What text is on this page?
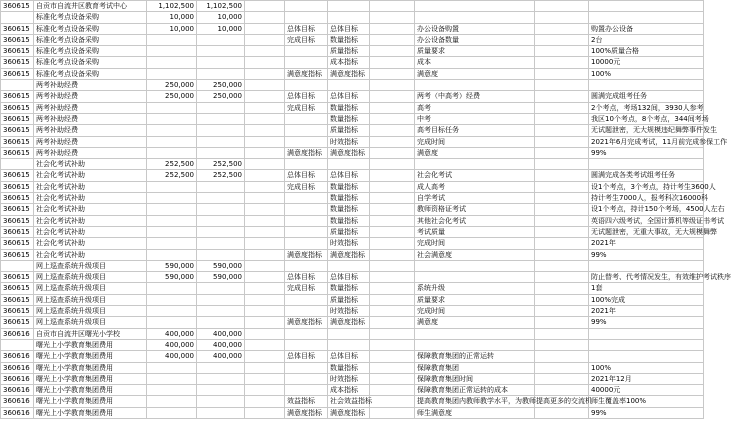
360615	自贡市自流井区教育考试中心	1,102,500	1,102,500							
	标准化考点设备采购	10,000	10,000							
360615	标准化考点设备采购	10,000	10,000		总体目标	总体目标		办公设备购置		购置办公设备
360615	标准化考点设备采购				完成目标	数量指标		办公设备数量		2台
360615	标准化考点设备采购					质量指标		质量要求		100%质量合格
360615	标准化考点设备采购					成本指标		成本		10000元
360615	标准化考点设备采购				满意度指标	满意度指标		满意度		100%
	两考补助经费	250,000	250,000							
360615	两考补助经费	250,000	250,000		总体目标	总体目标		两考（中高考）经费		圆满完成组考任务
360615	两考补助经费				完成目标	数量指标		高考		2个考点，考场132间，3930人参考
360615	两考补助经费					数量指标		中考		我区10个考点，8个考点，344间考场
360615	两考补助经费					质量指标		高考目标任务		无试题泄密，无大规模违纪舞弊事件发生
360615	两考补助经费					时效指标		完成时间		2021年6月完成考试，11月前完成参保工作
360615	两考补助经费				满意度指标	满意度指标		满意度		99%
	社会化考试补助	252,500	252,500							
360615	社会化考试补助	252,500	252,500		总体目标	总体目标		社会化考试		圆满完成各类考试组考任务
360615	社会化考试补助				完成目标	数量指标		成人高考		设1个考点，3个考点，持计考生3600人
360615	社会化考试补助					数量指标		自学考试		持计考生7000人，报考科次16000科
360615	社会化考试补助					数量指标		教师资格证考试		设1个考点，持计150个考场，4500人左右
360615	社会化考试补助					数量指标		其他社会化考试		英语四六级考试，全国计算机等级证书考试
360615	社会化考试补助					质量指标		考试质量		无试题泄密，无重大事故，无大规模舞弊
360615	社会化考试补助					时效指标		完成时间		2021年
360615	社会化考试补助				满意度指标	满意度指标		社会满意度		99%
	网上巡查系统升级项目	590,000	590,000							
360615	网上巡查系统升级项目	590,000	590,000		总体目标	总体目标				防止替考、代考情况发生，有效维护考试秩序
360615	网上巡查系统升级项目				完成目标	数量指标		系统升级		1套
360615	网上巡查系统升级项目					质量指标		质量要求		100%完成
360615	网上巡查系统升级项目					时效指标		完成时间		2021年
360615	网上巡查系统升级项目				满意度指标	满意度指标		满意度		99%
360616	自贡市自流井区曙光小学校	400,000	400,000							
	曙光上小学教育集团费用	400,000	400,000							
360616	曙光上小学教育集团费用	400,000	400,000		总体目标	总体目标		保障教育集团的正常运转		
360616	曙光上小学教育集团费用					数量指标		保障教育集团		100%
360616	曙光上小学教育集团费用					时效指标		保障教育集团时间		2021年12月
360616	曙光上小学教育集团费用					成本指标		保障教育集团正常运转的成本		40000元
360616	曙光上小学教育集团费用				效益指标	社会效益指标		提高教育集团内教师教学水平，为教师提高更多的交流机		师生覆盖率100%
360616	曙光上小学教育集团费用				满意度指标	满意度指标		师生满意度		99%
